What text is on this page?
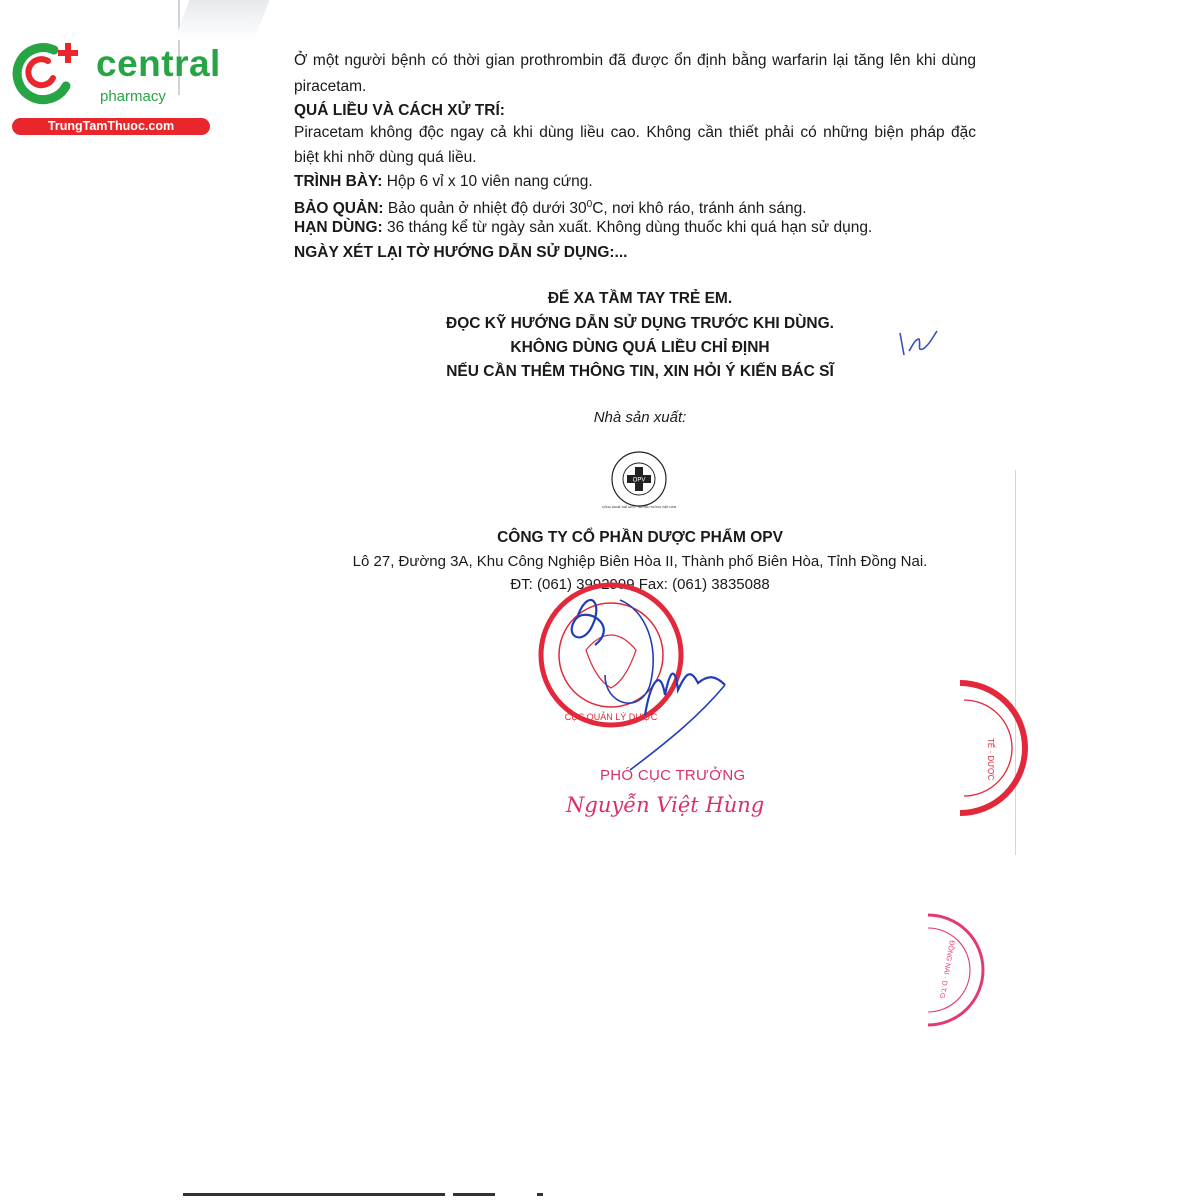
central
pharmacy
TrungTamThuoc.com
Ở một người bệnh có thời gian prothrombin đã được ổn định bằng warfarin lại tăng lên khi dùng
piracetam.
QUÁ LIỀU VÀ CÁCH XỬ TRÍ:
Piracetam không độc ngay cả khi dùng liều cao. Không cần thiết phải có những biện pháp đặc
biệt khi nhỡ dùng quá liều.
TRÌNH BÀY: Hộp 6 vỉ x 10 viên nang cứng.
BẢO QUẢN: Bảo quản ở nhiệt độ dưới $30^0C$, nơi khô ráo, tránh ánh sáng.
HẠN DÙNG: 36 tháng kể từ ngày sản xuất. Không dùng thuốc khi quá hạn sử dụng.
NGÀY XÉT LẠI TỜ HƯỚNG DẪN SỬ DỤNG:...
ĐỂ XA TẦM TAY TRẺ EM.
ĐỌC KỸ HƯỚNG DẪN SỬ DỤNG TRƯỚC KHI DÙNG.
KHÔNG DÙNG QUÁ LIỀU CHỈ ĐỊNH
NẾU CẦN THÊM THÔNG TIN, XIN HỎI Ý KIẾN BÁC SĨ
Nhà sản xuất:
OPV
CÔNG NGHỆ THẾ GIỚI · TRUYỀN THỐNG VIỆT NAM
CÔNG TY CỔ PHẦN DƯỢC PHẨM OPV
Lô 27, Đường 3A, Khu Công Nghiệp Biên Hòa II, Thành phố Biên Hòa, Tỉnh Đồng Nai.
ĐT: (061) 3992999 Fax: (061) 3835088
CỤC QUẢN LÝ DƯỢC
PHÓ CỤC TRƯỞNG
Nguyễn Việt Hùng
TẾ · DƯỢC
ĐỒNG NAI · D.T.G
